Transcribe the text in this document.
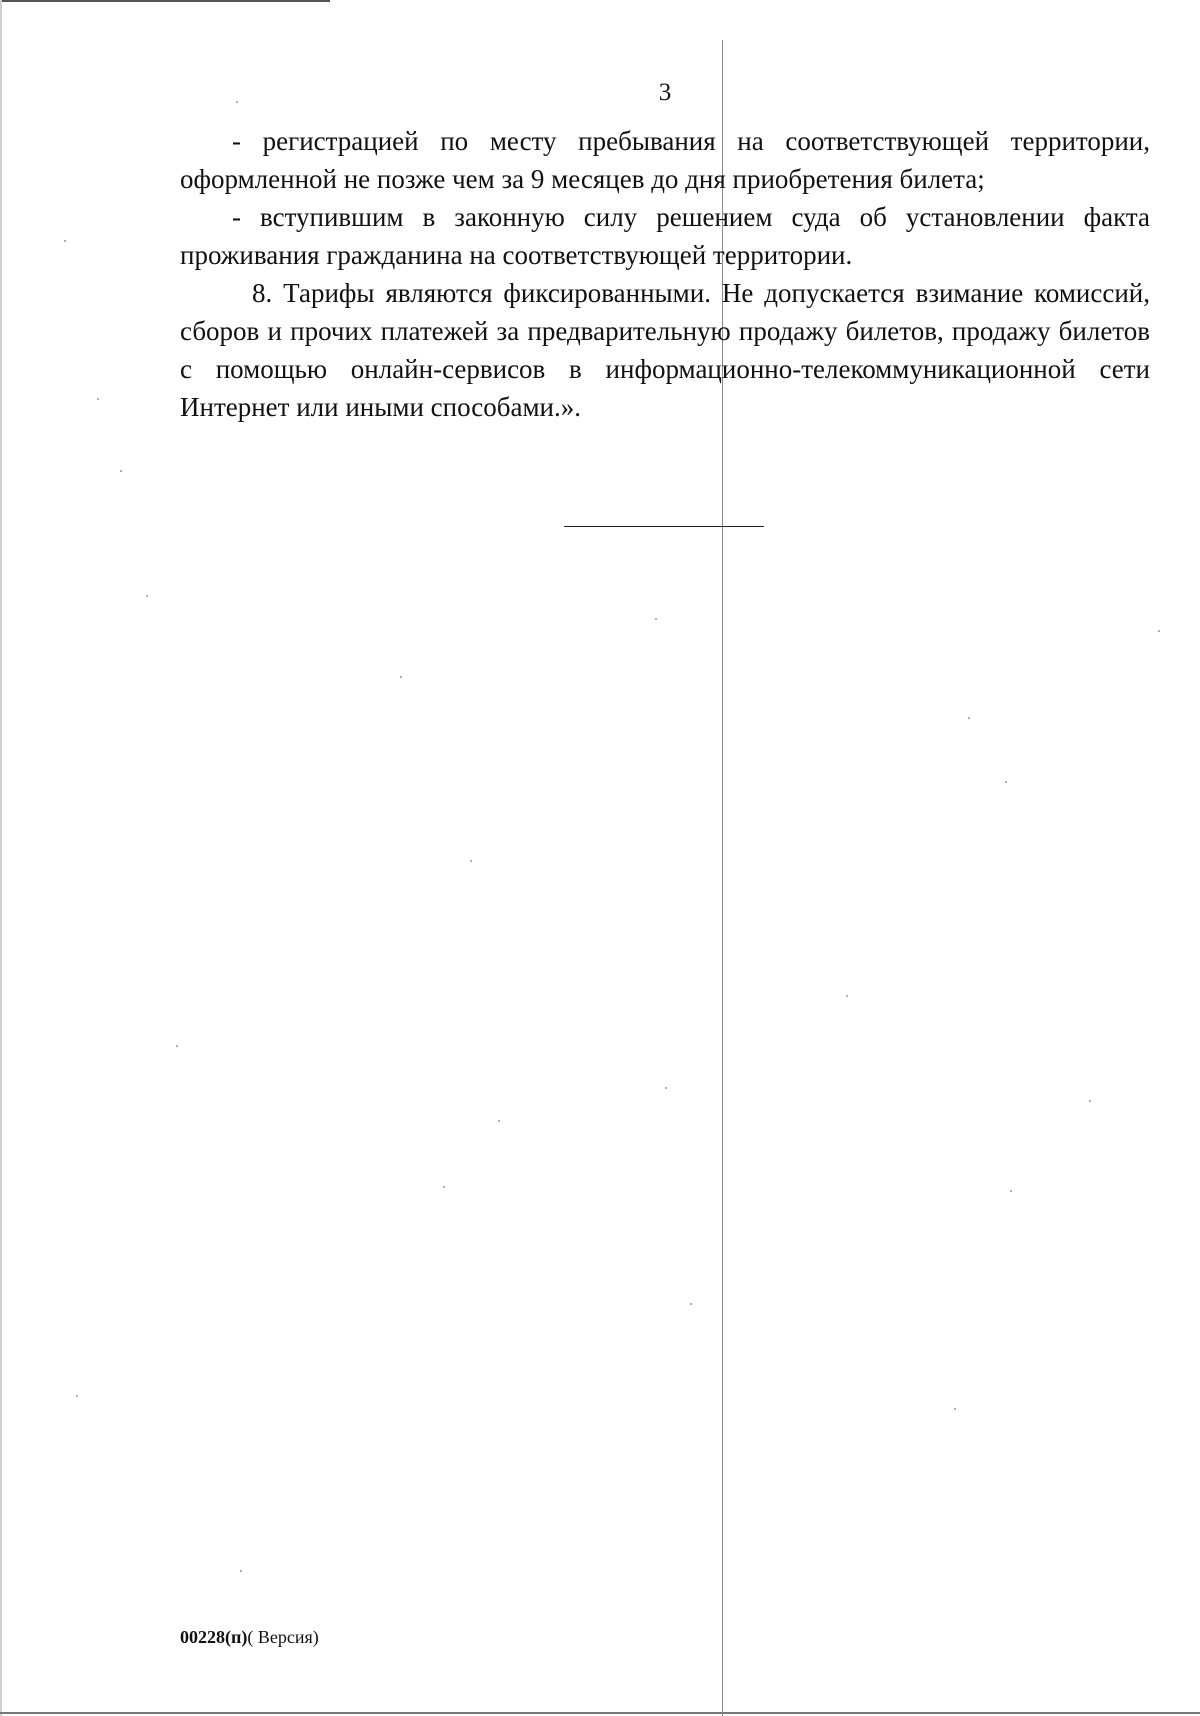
3

- регистрацией по месту пребывания на соответствующей территории, оформленной не позже чем за 9 месяцев до дня приобретения билета;

- вступившим в законную силу решением суда об установлении факта проживания гражданина на соответствующей территории.

8. Тарифы являются фиксированными. Не допускается взимание комиссий, сборов и прочих платежей за предварительную продажу билетов, продажу билетов с помощью онлайн-сервисов в информационно-телекоммуникационной сети Интернет или иными способами.».

00228(п)( Версия)
